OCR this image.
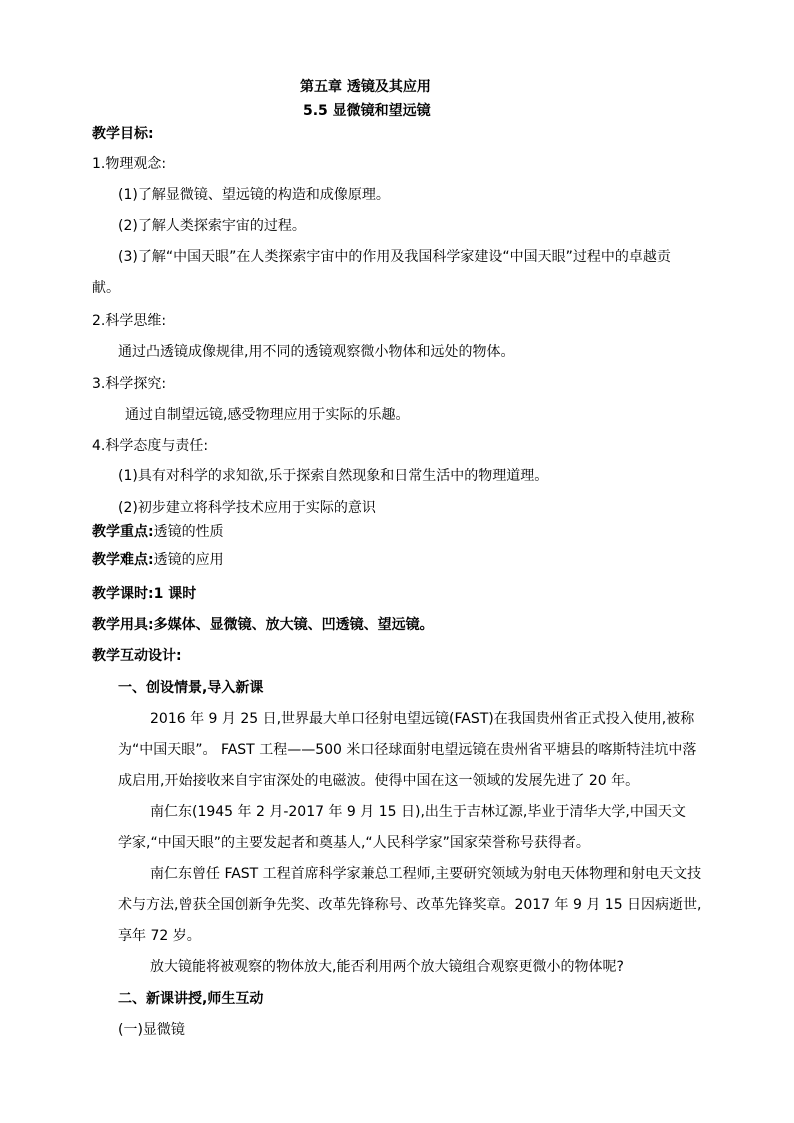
第五章 透镜及其应用
5.5 显微镜和望远镜
教学目标:
1.物理观念:
(1)了解显微镜、望远镜的构造和成像原理。
(2)了解人类探索宇宙的过程。
(3)了解“中国天眼”在人类探索宇宙中的作用及我国科学家建设“中国天眼”过程中的卓越贡
献。
2.科学思维:
通过凸透镜成像规律,用不同的透镜观察微小物体和远处的物体。
3.科学探究:
通过自制望远镜,感受物理应用于实际的乐趣。
4.科学态度与责任:
(1)具有对科学的求知欲,乐于探索自然现象和日常生活中的物理道理。
(2)初步建立将科学技术应用于实际的意识
教学重点:透镜的性质
教学难点:透镜的应用
教学课时:1 课时
教学用具:多媒体、显微镜、放大镜、凹透镜、望远镜。
教学互动设计:
一、创设情景,导入新课
2016 年 9 月 25 日,世界最大单口径射电望远镜(FAST)在我国贵州省正式投入使用,被称
为“中国天眼”。 FAST 工程——500 米口径球面射电望远镜在贵州省平塘县的喀斯特洼坑中落
成启用,开始接收来自宇宙深处的电磁波。使得中国在这一领域的发展先进了 20 年。
南仁东(1945 年 2 月-2017 年 9 月 15 日),出生于吉林辽源,毕业于清华大学,中国天文
学家,“中国天眼”的主要发起者和奠基人,“人民科学家”国家荣誉称号获得者。
南仁东曾任 FAST 工程首席科学家兼总工程师,主要研究领域为射电天体物理和射电天文技
术与方法,曾获全国创新争先奖、改革先锋称号、改革先锋奖章。2017 年 9 月 15 日因病逝世,
享年 72 岁。
放大镜能将被观察的物体放大,能否利用两个放大镜组合观察更微小的物体呢?
二、新课讲授,师生互动
(一)显微镜
